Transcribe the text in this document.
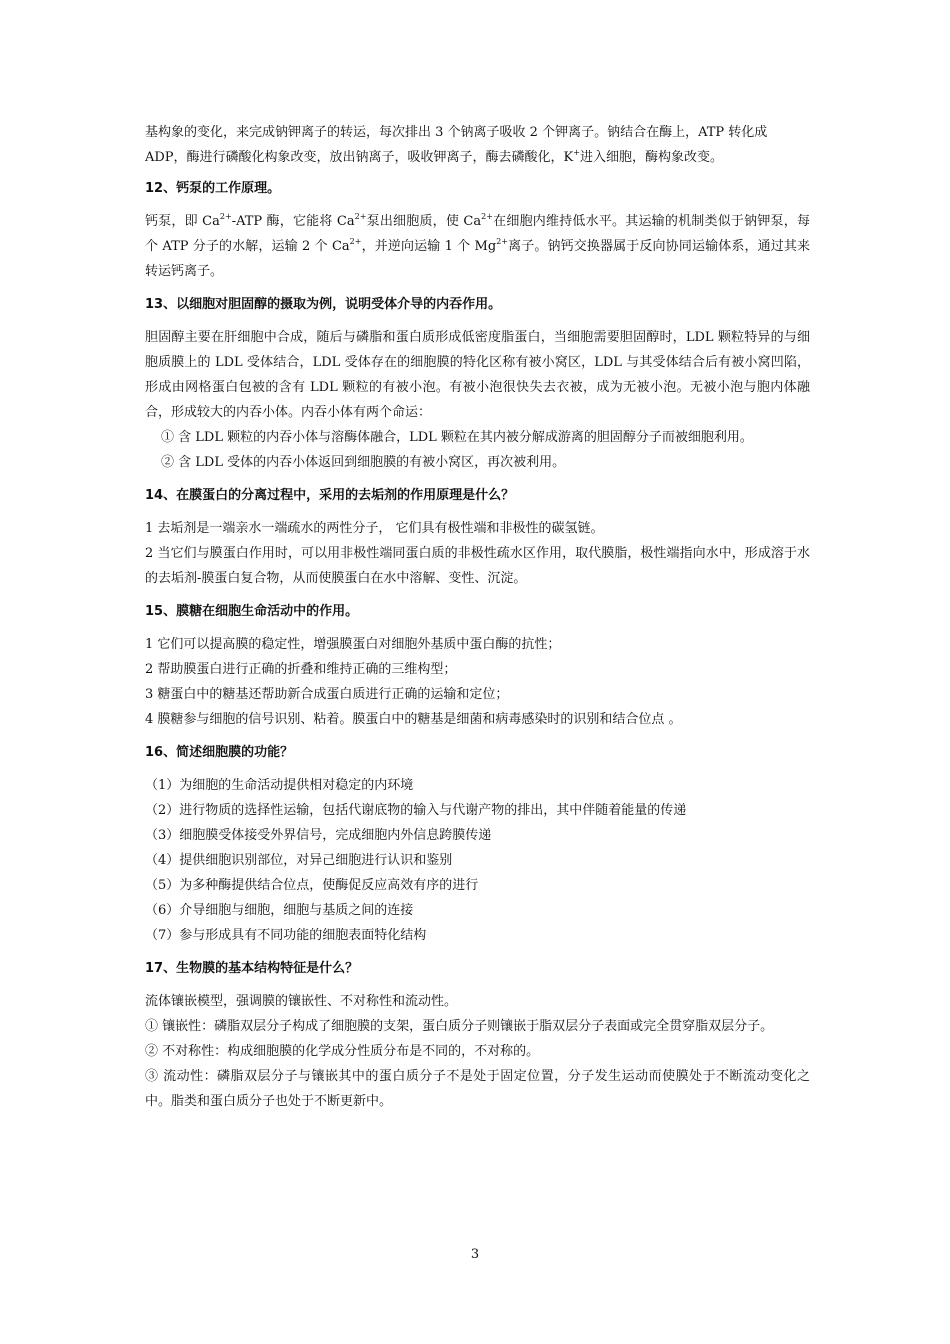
基构象的变化，来完成钠钾离子的转运，每次排出 3 个钠离子吸收 2 个钾离子。钠结合在酶上，ATP 转化成

ADP，酶进行磷酸化构象改变，放出钠离子，吸收钾离子，酶去磷酸化，K+进入细胞，酶构象改变。

12、钙泵的工作原理。

钙泵，即 $Ca^{2+}$-ATP 酶，它能将 $Ca^{2+}$泵出细胞质，使 $Ca^{2+}$在细胞内维持低水平。其运输的机制类似于钠钾泵，每个 ATP 分子的水解，运输 2 个 $Ca^{2+}$，并逆向运输 1 个 $Mg^{2+}$离子。钠钙交换器属于反向协同运输体系，通过其来转运钙离子。

13、以细胞对胆固醇的摄取为例，说明受体介导的内吞作用。

胆固醇主要在肝细胞中合成，随后与磷脂和蛋白质形成低密度脂蛋白，当细胞需要胆固醇时，LDL 颗粒特异的与细胞质膜上的 LDL 受体结合，LDL 受体存在的细胞膜的特化区称有被小窝区，LDL 与其受体结合后有被小窝凹陷，形成由网格蛋白包被的含有 LDL 颗粒的有被小泡。有被小泡很快失去衣被，成为无被小泡。无被小泡与胞内体融合，形成较大的内吞小体。内吞小体有两个命运：

① 含 LDL 颗粒的内吞小体与溶酶体融合，LDL 颗粒在其内被分解成游离的胆固醇分子而被细胞利用。

② 含 LDL 受体的内吞小体返回到细胞膜的有被小窝区，再次被利用。

14、在膜蛋白的分离过程中，采用的去垢剂的作用原理是什么？

1 去垢剂是一端亲水一端疏水的两性分子， 它们具有极性端和非极性的碳氢链。

2 当它们与膜蛋白作用时，可以用非极性端同蛋白质的非极性疏水区作用，取代膜脂，极性端指向水中，形成溶于水的去垢剂-膜蛋白复合物，从而使膜蛋白在水中溶解、变性、沉淀。

15、膜糖在细胞生命活动中的作用。

1 它们可以提高膜的稳定性，增强膜蛋白对细胞外基质中蛋白酶的抗性；

2 帮助膜蛋白进行正确的折叠和维持正确的三维构型；

3 糖蛋白中的糖基还帮助新合成蛋白质进行正确的运输和定位；

4 膜糖参与细胞的信号识别、粘着。膜蛋白中的糖基是细菌和病毒感染时的识别和结合位点 。

16、简述细胞膜的功能？

（1）为细胞的生命活动提供相对稳定的内环境

（2）进行物质的选择性运输，包括代谢底物的输入与代谢产物的排出，其中伴随着能量的传递

（3）细胞膜受体接受外界信号，完成细胞内外信息跨膜传递

（4）提供细胞识别部位，对异己细胞进行认识和鉴别

（5）为多种酶提供结合位点，使酶促反应高效有序的进行

（6）介导细胞与细胞，细胞与基质之间的连接

（7）参与形成具有不同功能的细胞表面特化结构

17、生物膜的基本结构特征是什么？

流体镶嵌模型，强调膜的镶嵌性、不对称性和流动性。

① 镶嵌性：磷脂双层分子构成了细胞膜的支架，蛋白质分子则镶嵌于脂双层分子表面或完全贯穿脂双层分子。

② 不对称性：构成细胞膜的化学成分性质分布是不同的，不对称的。

③ 流动性：磷脂双层分子与镶嵌其中的蛋白质分子不是处于固定位置，分子发生运动而使膜处于不断流动变化之中。脂类和蛋白质分子也处于不断更新中。

3
